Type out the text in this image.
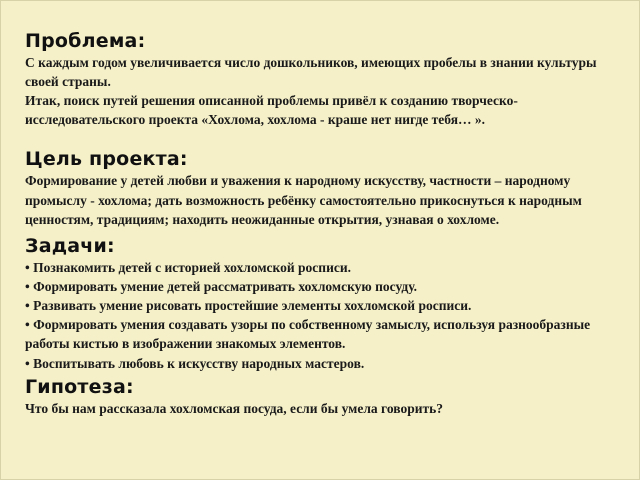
Проблема:

С каждым годом увеличивается число дошкольников, имеющих пробелы в знании культуры своей страны.

Итак, поиск путей решения описанной проблемы привёл к созданию творческо-исследовательского проекта «Хохлома, хохлома - краше нет нигде тебя… ».

Цель проекта:

Формирование у детей любви и уважения к народному искусству, частности – народному промыслу - хохлома; дать возможность ребёнку самостоятельно прикоснуться к народным ценностям, традициям; находить неожиданные открытия, узнавая о хохломе.

Задачи:
• Познакомить детей с историей хохломской росписи.
• Формировать умение детей рассматривать хохломскую посуду.
• Развивать умение рисовать простейшие элементы хохломской росписи.
• Формировать умения создавать узоры по собственному замыслу, используя разнообразные работы кистью в изображении знакомых элементов.
• Воспитывать любовь к искусству народных мастеров.
Гипотеза:

Что бы нам рассказала хохломская посуда, если бы умела говорить?
